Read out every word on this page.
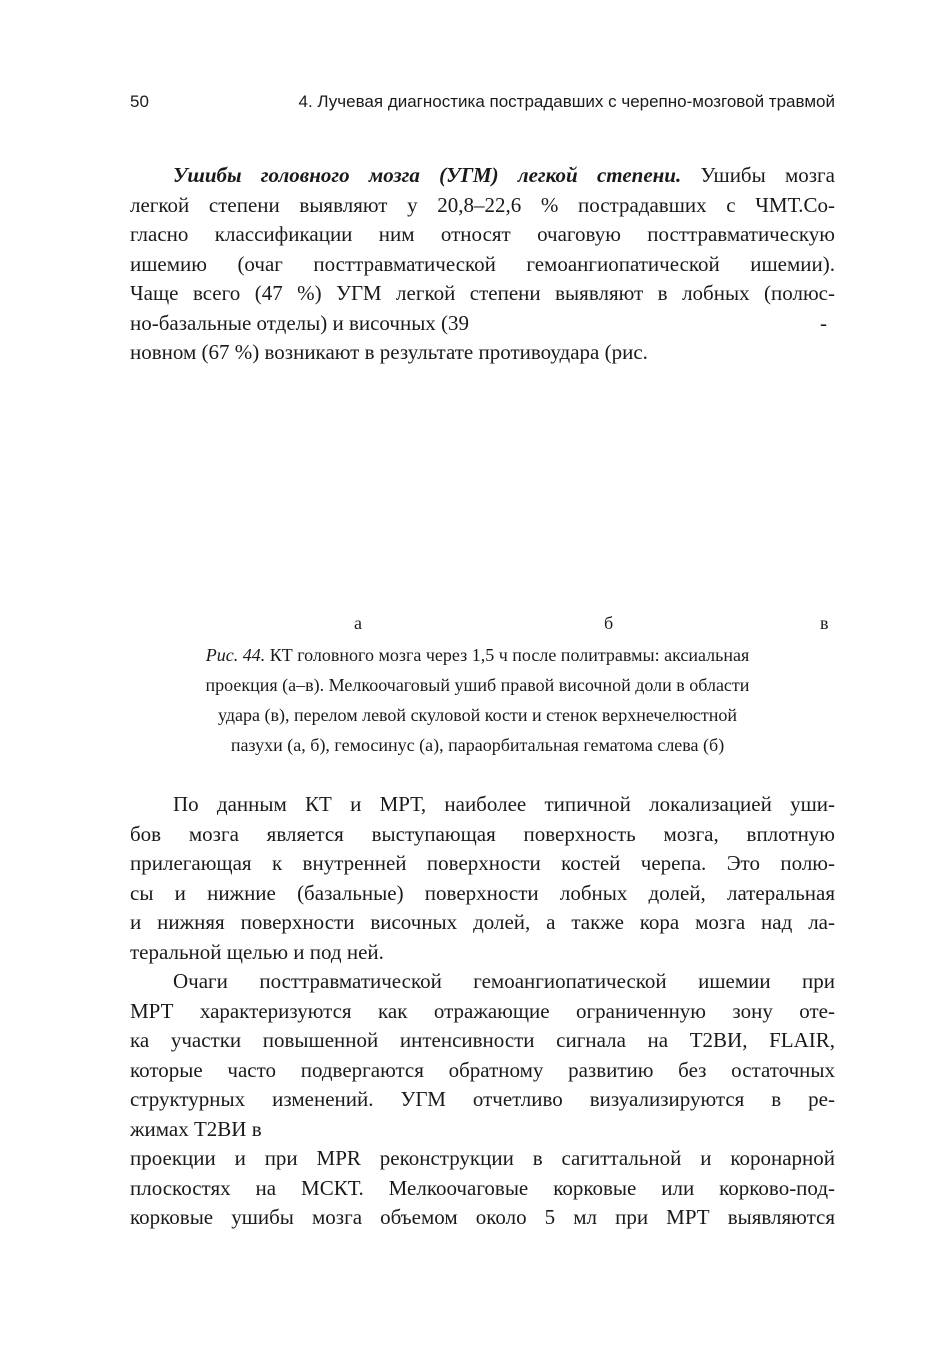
50	4. Лучевая диагностика пострадавших с черепно-мозговой травмой
Ушибы головного мозга (УГМ) легкой степени. Ушибы мозга
легкой степени выявляют у 20,8–22,6 % пострадавших с ЧМТ.Со-
гласно классификации ним относят очаговую посттравматическую
ишемию (очаг посттравматической гемоангиопатической ишемии).
Чаще всего (47 %) УГМ легкой степени выявляют в лобных (полюс-
но-базальные отделы) и височных (39	-
новном (67 %) возникают в результате противоудара (рис.
а	б	в
Рис. 44. КТ головного мозга через 1,5 ч после политравмы: аксиальная
проекция (а–в). Мелкоочаговый ушиб правой височной доли в области
удара (в), перелом левой скуловой кости и стенок верхнечелюстной
пазухи (а, б), гемосинус (а), параорбитальная гематома слева (б)
По данным КТ и МРТ, наиболее типичной локализацией уши-
бов мозга является выступающая поверхность мозга, вплотную
прилегающая к внутренней поверхности костей черепа. Это полю-
сы и нижние (базальные) поверхности лобных долей, латеральная
и нижняя поверхности височных долей, а также кора мозга над ла-
теральной щелью и под ней.
Очаги посттравматической гемоангиопатической ишемии при
МРТ характеризуются как отражающие ограниченную зону оте-
ка участки повышенной интенсивности сигнала на T2ВИ, FLAIR,
которые часто подвергаются обратному развитию без остаточных
структурных изменений. УГМ отчетливо визуализируются в ре-
жимах T2ВИ в
проекции и при MPR реконструкции в сагиттальной и коронарной
плоскостях на МСКТ. Мелкоочаговые корковые или корково-под-
корковые ушибы мозга объемом около 5 мл при МРТ выявляются
